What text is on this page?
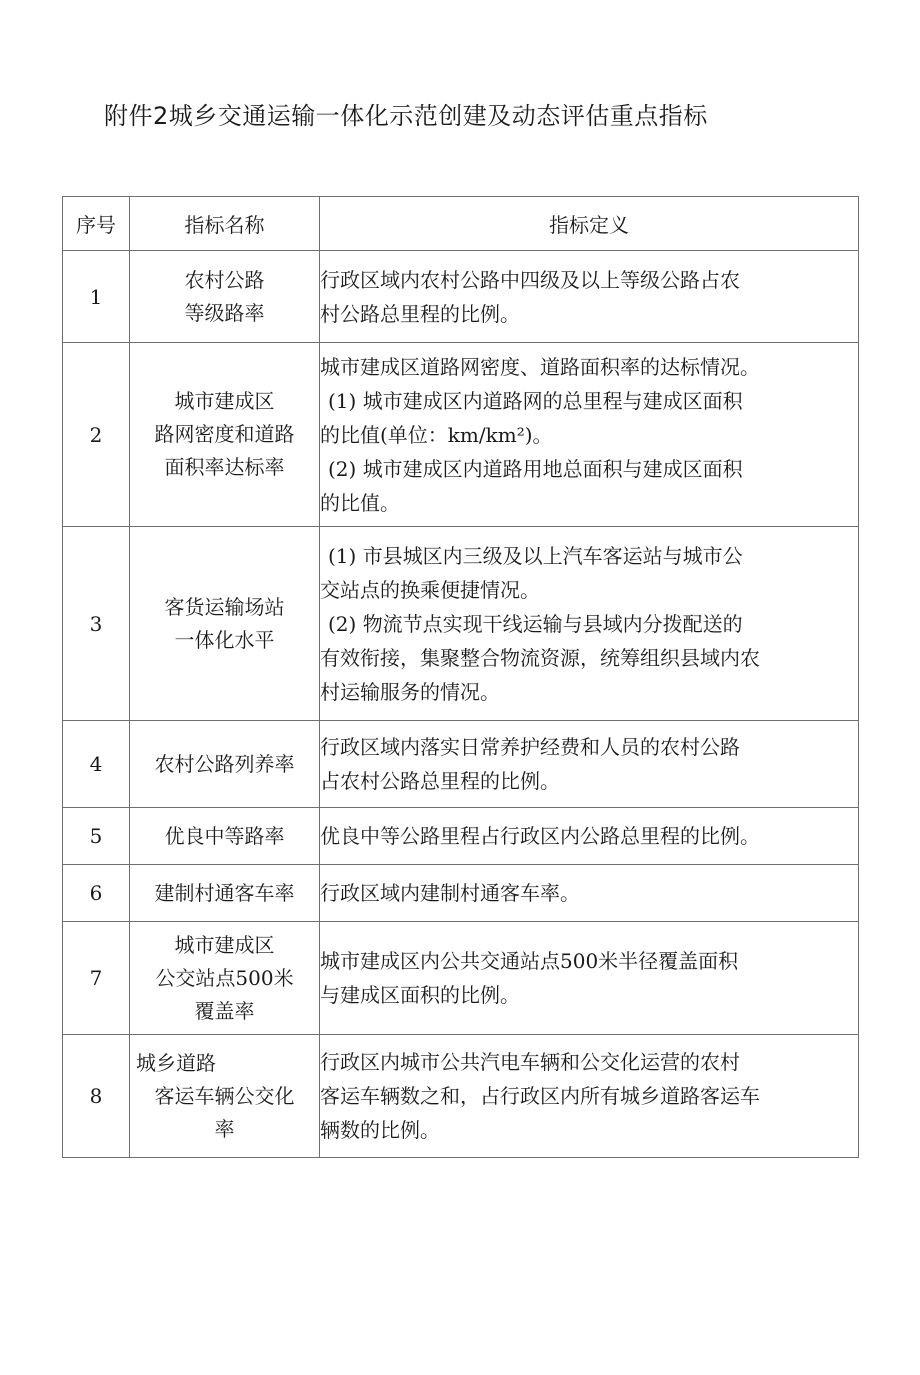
附件2城乡交通运输一体化示范创建及动态评估重点指标
序号	指标名称	指标定义
1	农村公路
等级路率	行政区域内农村公路中四级及以上等级公路占农
村公路总里程的比例。

2	城市建成区
路网密度和道路
面积率达标率	城市建成区道路网密度、道路面积率的达标情况。
(1) 城市建成区内道路网的总里程与建成区面积
的比值(单位：km/km²)。
(2) 城市建成区内道路用地总面积与建成区面积
的比值。

3	客货运输场站
一体化水平	(1) 市县城区内三级及以上汽车客运站与城市公
交站点的换乘便捷情况。
(2) 物流节点实现干线运输与县域内分拨配送的
有效衔接，集聚整合物流资源，统筹组织县域内农
村运输服务的情况。

4	农村公路列养率	行政区域内落实日常养护经费和人员的农村公路
占农村公路总里程的比例。

5	优良中等路率	优良中等公路里程占行政区内公路总里程的比例。

6	建制村通客车率	行政区域内建制村通客车率。

7	城市建成区
公交站点500米
覆盖率	城市建成区内公共交通站点500米半径覆盖面积
与建成区面积的比例。

8	城乡道路
客运车辆公交化
率	行政区内城市公共汽电车辆和公交化运营的农村
客运车辆数之和，占行政区内所有城乡道路客运车
辆数的比例。
